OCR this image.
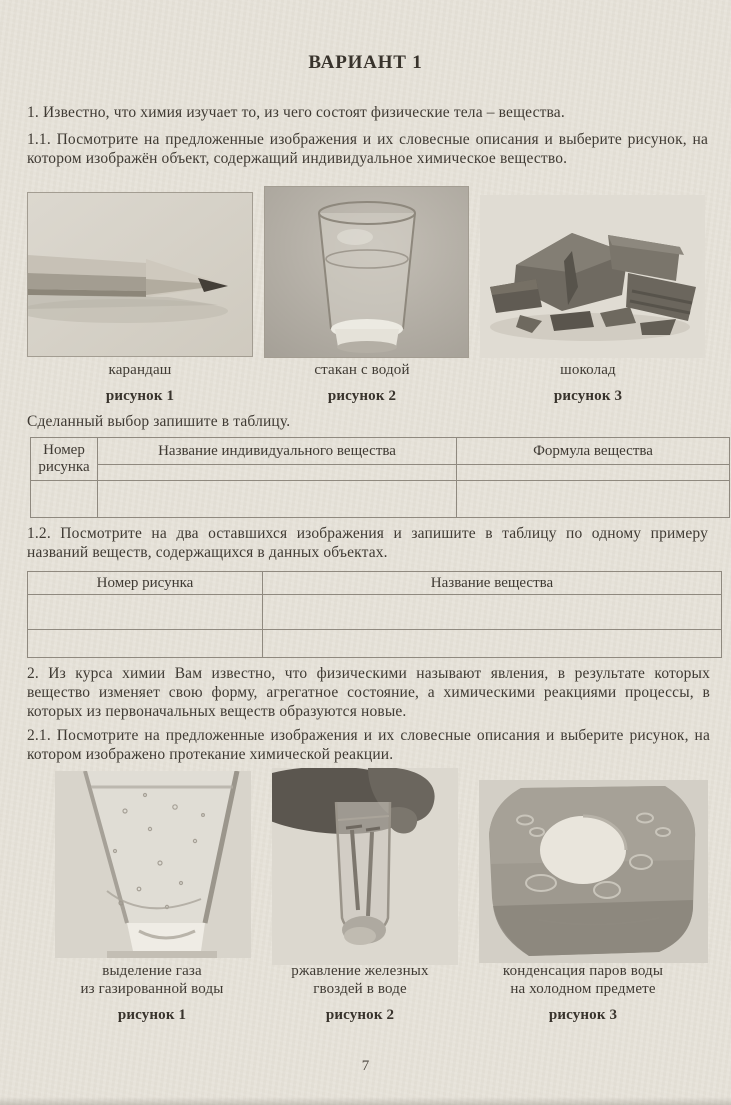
ВАРИАНТ 1

1. Известно, что химия изучает то, из чего состоят физические тела – вещества.

1.1. Посмотрите на предложенные изображения и их словесные описания и выберите рисунок, на котором изображён объект, содержащий индивидуальное химическое вещество.

карандаш
рисунок 1
стакан с водой
рисунок 2
шоколад
рисунок 3

Сделанный выбор запишите в таблицу.

Номер рисунка	Название индивидуального вещества	Формула вещества

1.2. Посмотрите на два оставшихся изображения и запишите в таблицу по одному примеру названий веществ, содержащихся в данных объектах.

Номер рисунка	Название вещества

2. Из курса химии Вам известно, что физическими называют явления, в результате которых вещество изменяет свою форму, агрегатное состояние, а химическими реакциями процессы, в которых из первоначальных веществ образуются новые.

2.1. Посмотрите на предложенные изображения и их словесные описания и выберите рисунок, на котором изображено протекание химической реакции.

выделение газа
из газированной воды
рисунок 1
ржавление железных
гвоздей в воде
рисунок 2
конденсация паров воды
на холодном предмете
рисунок 3
7
